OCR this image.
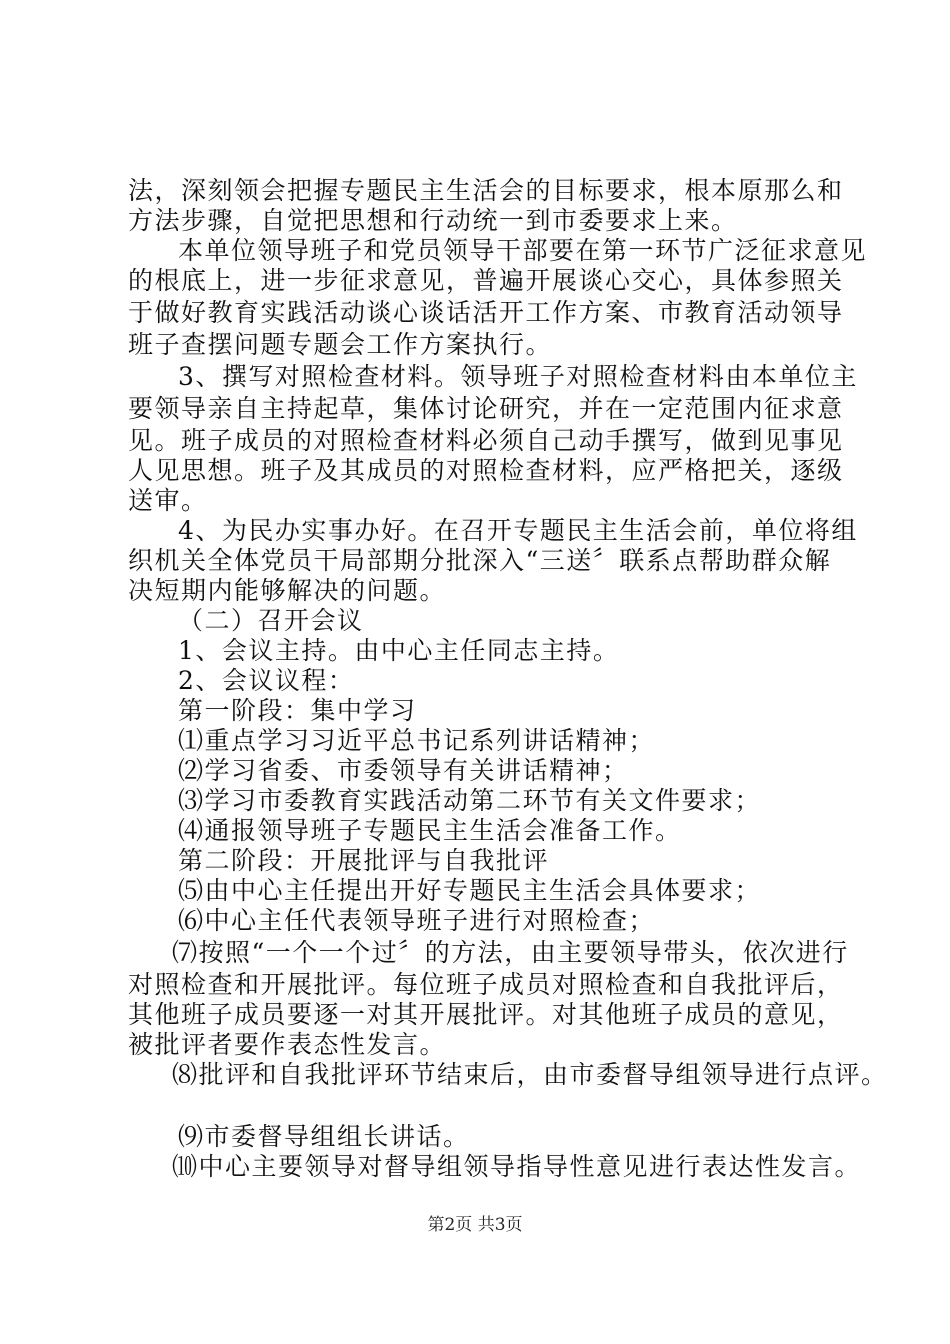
法，深刻领会把握专题民主生活会的目标要求，根本原那么和
方法步骤，自觉把思想和行动统一到市委要求上来。
本单位领导班子和党员领导干部要在第一环节广泛征求意见
的根底上，进一步征求意见，普遍开展谈心交心，具体参照关
于做好教育实践活动谈心谈话活开工作方案、市教育活动领导
班子查摆问题专题会工作方案执行。
3、撰写对照检查材料。领导班子对照检查材料由本单位主
要领导亲自主持起草，集体讨论研究，并在一定范围内征求意
见。班子成员的对照检查材料必须自己动手撰写，做到见事见
人见思想。班子及其成员的对照检查材料，应严格把关，逐级
送审。
4、为民办实事办好。在召开专题民主生活会前，单位将组
织机关全体党员干局部期分批深入“三送〞联系点帮助群众解
决短期内能够解决的问题。
（二）召开会议
1、会议主持。由中心主任同志主持。
2、会议议程：
第一阶段：集中学习
⑴重点学习习近平总书记系列讲话精神；
⑵学习省委、市委领导有关讲话精神；
⑶学习市委教育实践活动第二环节有关文件要求；
⑷通报领导班子专题民主生活会准备工作。
第二阶段：开展批评与自我批评
⑸由中心主任提出开好专题民主生活会具体要求；
⑹中心主任代表领导班子进行对照检查；
⑺按照“一个一个过〞的方法，由主要领导带头，依次进行
对照检查和开展批评。每位班子成员对照检查和自我批评后，
其他班子成员要逐一对其开展批评。对其他班子成员的意见，
被批评者要作表态性发言。
⑻批评和自我批评环节结束后，由市委督导组领导进行点评。
⑼市委督导组组长讲话。
⑽中心主要领导对督导组领导指导性意见进行表达性发言。
第2页 共3页
